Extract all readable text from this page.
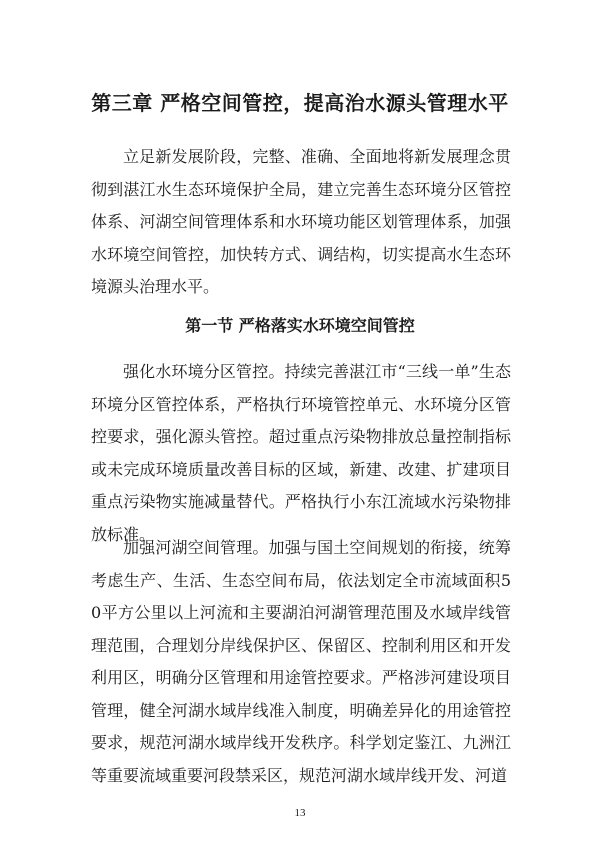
第三章 严格空间管控，提高治水源头管理水平

立足新发展阶段，完整、准确、全面地将新发展理念贯彻到湛江水生态环境保护全局，建立完善生态环境分区管控体系、河湖空间管理体系和水环境功能区划管理体系，加强水环境空间管控，加快转方式、调结构，切实提高水生态环境源头治理水平。

第一节 严格落实水环境空间管控

强化水环境分区管控。持续完善湛江市“三线一单”生态环境分区管控体系，严格执行环境管控单元、水环境分区管控要求，强化源头管控。超过重点污染物排放总量控制指标或未完成环境质量改善目标的区域，新建、改建、扩建项目重点污染物实施减量替代。严格执行小东江流域水污染物排放标准。

加强河湖空间管理。加强与国土空间规划的衔接，统筹考虑生产、生活、生态空间布局，依法划定全市流域面积50平方公里以上河流和主要湖泊河湖管理范围及水域岸线管理范围，合理划分岸线保护区、保留区、控制利用区和开发利用区，明确分区管理和用途管控要求。严格涉河建设项目管理，健全河湖水域岸线准入制度，明确差异化的用途管控要求，规范河湖水域岸线开发秩序。科学划定鉴江、九洲江等重要流域重要河段禁采区，规范河湖水域岸线开发、河道

13
